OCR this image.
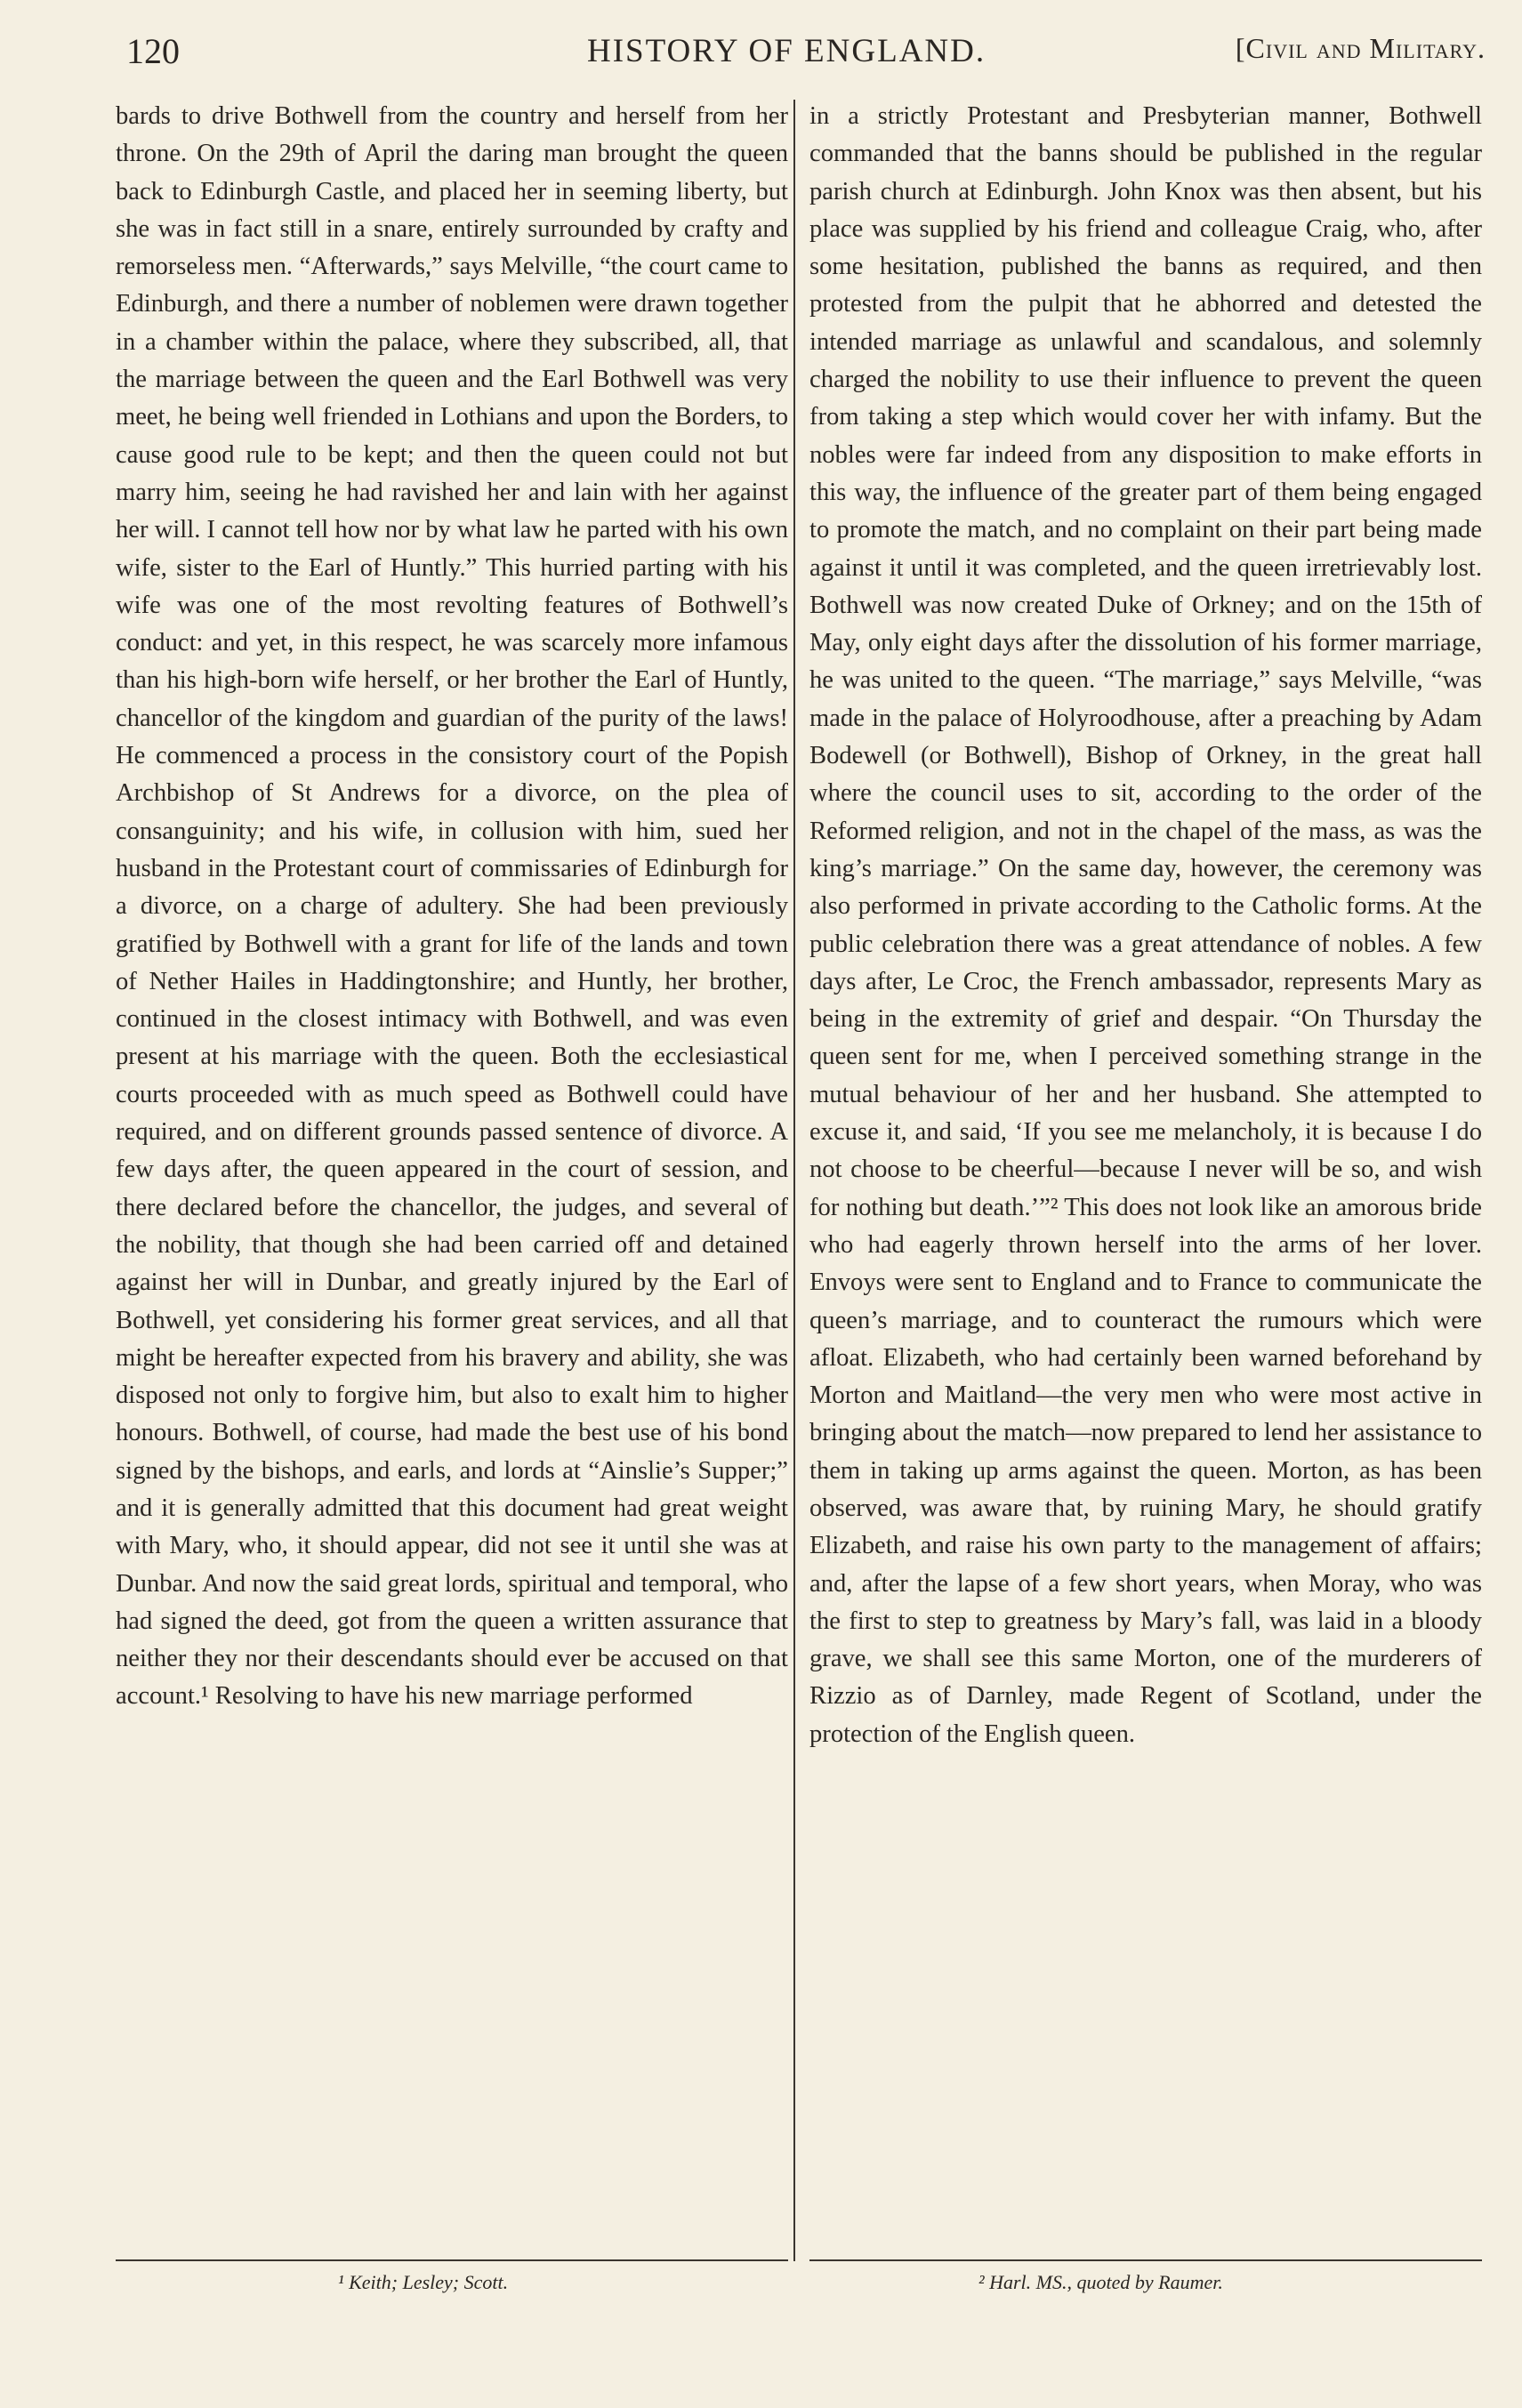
120	HISTORY OF ENGLAND.	[Civil and Military.

bards to drive Bothwell from the country and herself from her throne. On the 29th of April the daring man brought the queen back to Edinburgh Castle, and placed her in seeming liberty, but she was in fact still in a snare, entirely surrounded by crafty and remorseless men. “Afterwards,” says Melville, “the court came to Edinburgh, and there a number of noblemen were drawn together in a chamber within the palace, where they subscribed, all, that the marriage between the queen and the Earl Bothwell was very meet, he being well friended in Lothians and upon the Borders, to cause good rule to be kept; and then the queen could not but marry him, seeing he had ravished her and lain with her against her will. I cannot tell how nor by what law he parted with his own wife, sister to the Earl of Huntly.” This hurried parting with his wife was one of the most revolting features of Bothwell’s conduct: and yet, in this respect, he was scarcely more infamous than his high-born wife herself, or her brother the Earl of Huntly, chancellor of the kingdom and guardian of the purity of the laws! He commenced a process in the consistory court of the Popish Archbishop of St Andrews for a divorce, on the plea of consanguinity; and his wife, in collusion with him, sued her husband in the Protestant court of commissaries of Edinburgh for a divorce, on a charge of adultery. She had been previously gratified by Bothwell with a grant for life of the lands and town of Nether Hailes in Haddingtonshire; and Huntly, her brother, continued in the closest intimacy with Bothwell, and was even present at his marriage with the queen. Both the ecclesiastical courts proceeded with as much speed as Bothwell could have required, and on different grounds passed sentence of divorce. A few days after, the queen appeared in the court of session, and there declared before the chancellor, the judges, and several of the nobility, that though she had been carried off and detained against her will in Dunbar, and greatly injured by the Earl of Bothwell, yet considering his former great services, and all that might be hereafter expected from his bravery and ability, she was disposed not only to forgive him, but also to exalt him to higher honours. Bothwell, of course, had made the best use of his bond signed by the bishops, and earls, and lords at “Ainslie’s Supper;” and it is generally admitted that this document had great weight with Mary, who, it should appear, did not see it until she was at Dunbar. And now the said great lords, spiritual and temporal, who had signed the deed, got from the queen a written assurance that neither they nor their descendants should ever be accused on that account.¹ Resolving to have his new marriage performed

in a strictly Protestant and Presbyterian manner, Bothwell commanded that the banns should be published in the regular parish church at Edinburgh. John Knox was then absent, but his place was supplied by his friend and colleague Craig, who, after some hesitation, published the banns as required, and then protested from the pulpit that he abhorred and detested the intended marriage as unlawful and scandalous, and solemnly charged the nobility to use their influence to prevent the queen from taking a step which would cover her with infamy. But the nobles were far indeed from any disposition to make efforts in this way, the influence of the greater part of them being engaged to promote the match, and no complaint on their part being made against it until it was completed, and the queen irretrievably lost. Bothwell was now created Duke of Orkney; and on the 15th of May, only eight days after the dissolution of his former marriage, he was united to the queen. “The marriage,” says Melville, “was made in the palace of Holyroodhouse, after a preaching by Adam Bodewell (or Bothwell), Bishop of Orkney, in the great hall where the council uses to sit, according to the order of the Reformed religion, and not in the chapel of the mass, as was the king’s marriage.” On the same day, however, the ceremony was also performed in private according to the Catholic forms. At the public celebration there was a great attendance of nobles. A few days after, Le Croc, the French ambassador, represents Mary as being in the extremity of grief and despair. “On Thursday the queen sent for me, when I perceived something strange in the mutual behaviour of her and her husband. She attempted to excuse it, and said, ‘If you see me melancholy, it is because I do not choose to be cheerful—because I never will be so, and wish for nothing but death.’”² This does not look like an amorous bride who had eagerly thrown herself into the arms of her lover. Envoys were sent to England and to France to communicate the queen’s marriage, and to counteract the rumours which were afloat. Elizabeth, who had certainly been warned beforehand by Morton and Maitland—the very men who were most active in bringing about the match—now prepared to lend her assistance to them in taking up arms against the queen. Morton, as has been observed, was aware that, by ruining Mary, he should gratify Elizabeth, and raise his own party to the management of affairs; and, after the lapse of a few short years, when Moray, who was the first to step to greatness by Mary’s fall, was laid in a bloody grave, we shall see this same Morton, one of the murderers of Rizzio as of Darnley, made Regent of Scotland, under the protection of the English queen.

¹ Keith; Lesley; Scott.	² Harl. MS., quoted by Raumer.
